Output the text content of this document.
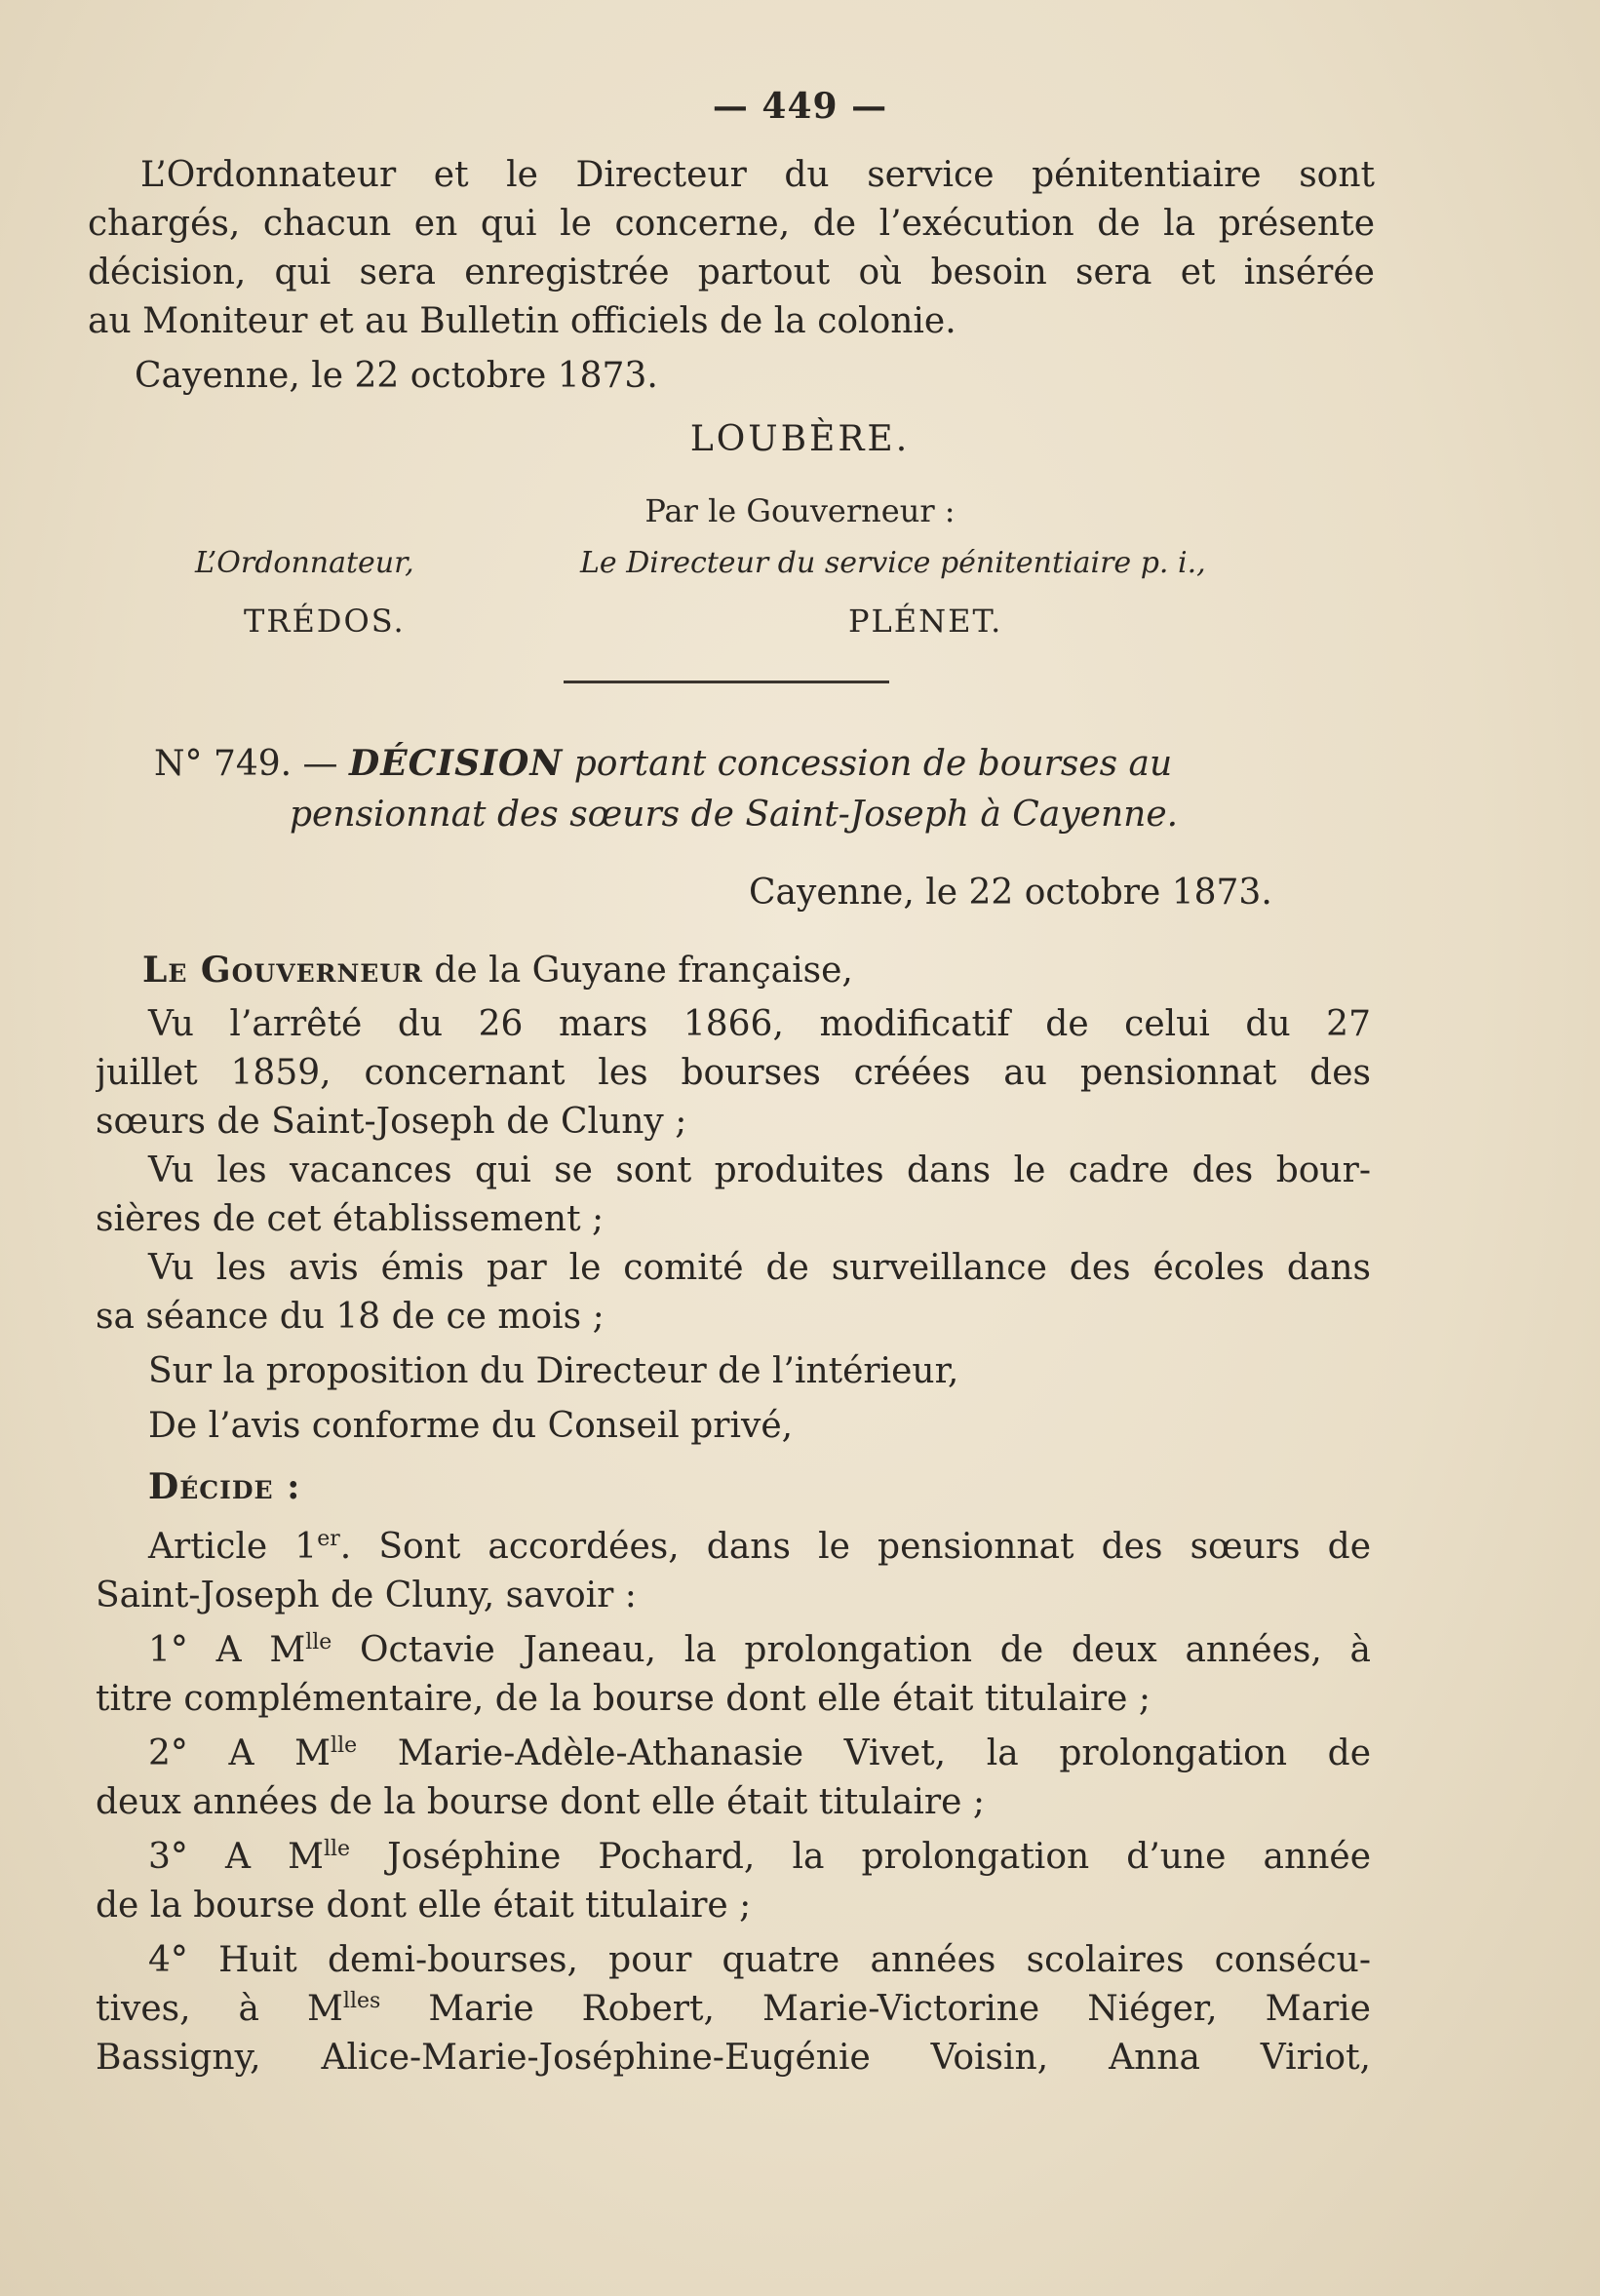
— 449 —
L’Ordonnateur et le Directeur du service pénitentiaire sont
chargés, chacun en qui le concerne, de l’exécution de la présente
décision, qui sera enregistrée partout où besoin sera et insérée
au Moniteur et au Bulletin officiels de la colonie.
Cayenne, le 22 octobre 1873.
LOUBÈRE.
Par le Gouverneur :
L’Ordonnateur,	Le Directeur du service pénitentiaire p. i.,
TRÉDOS.	PLÉNET.
N° 749. — DÉCISION portant concession de bourses au
pensionnat des sœurs de Saint-Joseph à Cayenne.
Cayenne, le 22 octobre 1873.
Le Gouverneur de la Guyane française,
Vu l’arrêté du 26 mars 1866, modificatif de celui du 27
juillet 1859, concernant les bourses créées au pensionnat des
sœurs de Saint-Joseph de Cluny ;
Vu les vacances qui se sont produites dans le cadre des bour-
sières de cet établissement ;
Vu les avis émis par le comité de surveillance des écoles dans
sa séance du 18 de ce mois ;
Sur la proposition du Directeur de l’intérieur,
De l’avis conforme du Conseil privé,
Décide :
Article 1er. Sont accordées, dans le pensionnat des sœurs de
Saint-Joseph de Cluny, savoir :
1° A $M^{lle}$ Octavie Janeau, la prolongation de deux années, à
titre complémentaire, de la bourse dont elle était titulaire ;
2° A $M^{lle}$ Marie-Adèle-Athanasie Vivet, la prolongation de
deux années de la bourse dont elle était titulaire ;
3° A $M^{lle}$ Joséphine Pochard, la prolongation d’une année
de la bourse dont elle était titulaire ;
4° Huit demi-bourses, pour quatre années scolaires consécu-
tives, à $M^{lles}$ Marie Robert, Marie-Victorine Niéger, Marie
Bassigny, Alice-Marie-Joséphine-Eugénie Voisin, Anna Viriot,
